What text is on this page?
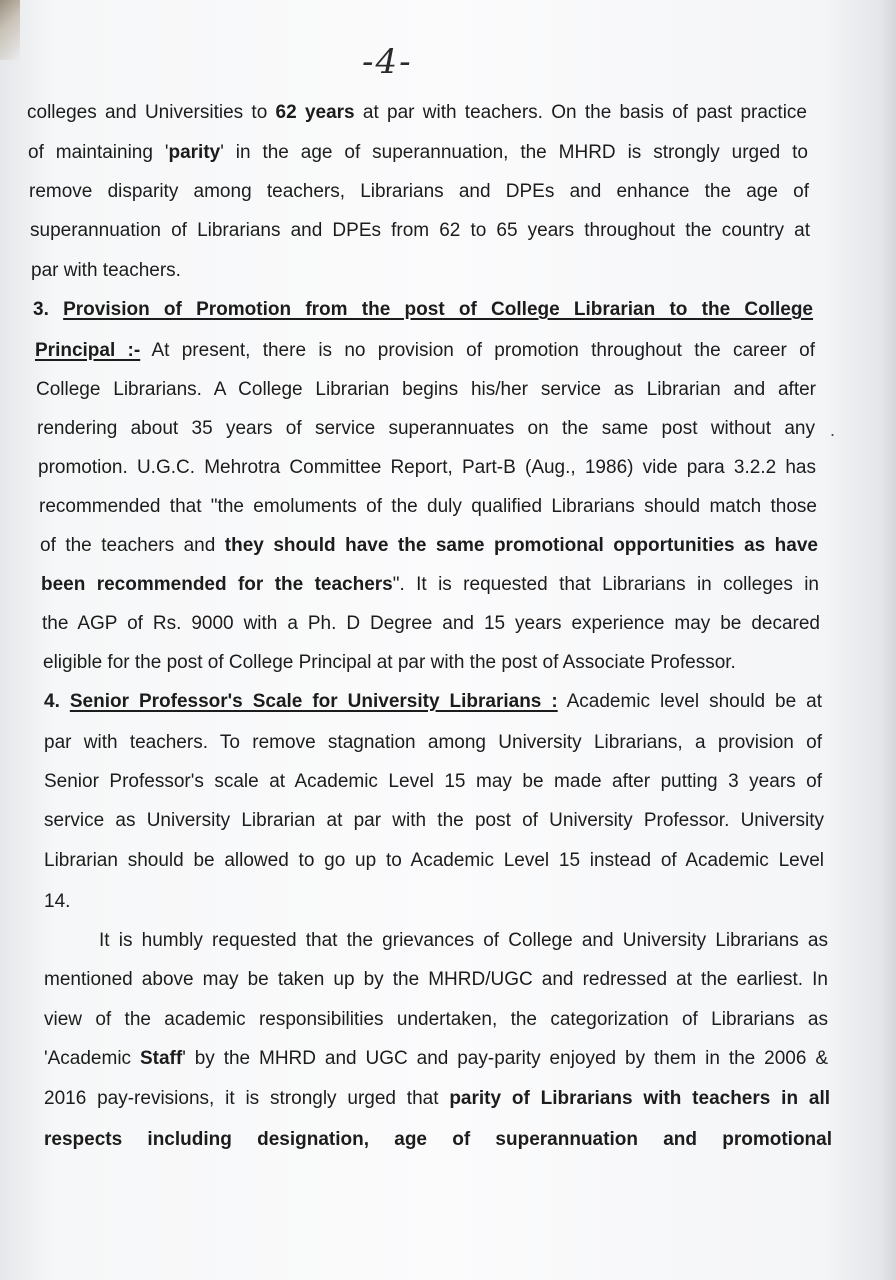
-4-

colleges and Universities to 62 years at par with teachers. On the basis of past practice

of maintaining 'parity' in the age of superannuation, the MHRD is strongly urged to

remove disparity among teachers, Librarians and DPEs and enhance the age of

superannuation of Librarians and DPEs from 62 to 65 years throughout the country at

par with teachers.

3. Provision of Promotion from the post of College Librarian to the College

Principal :- At present, there is no provision of promotion throughout the career of

College Librarians. A College Librarian begins his/her service as Librarian and after

rendering about 35 years of service superannuates on the same post without any .

promotion. U.G.C. Mehrotra Committee Report, Part-B (Aug., 1986) vide para 3.2.2 has

recommended that "the emoluments of the duly qualified Librarians should match those

of the teachers and they should have the same promotional opportunities as have

been recommended for the teachers". It is requested that Librarians in colleges in

the AGP of Rs. 9000 with a Ph. D Degree and 15 years experience may be decared

eligible for the post of College Principal at par with the post of Associate Professor.

4. Senior Professor's Scale for University Librarians : Academic level should be at

par with teachers. To remove stagnation among University Librarians, a provision of

Senior Professor's scale at Academic Level 15 may be made after putting 3 years of

service as University Librarian at par with the post of University Professor. University

Librarian should be allowed to go up to Academic Level 15 instead of Academic Level

14.

It is humbly requested that the grievances of College and University Librarians as

mentioned above may be taken up by the MHRD/UGC and redressed at the earliest. In

view of the academic responsibilities undertaken, the categorization of Librarians as

'Academic Staff' by the MHRD and UGC and pay-parity enjoyed by them in the 2006 &

2016 pay-revisions, it is strongly urged that parity of Librarians with teachers in all

respects including designation, age of superannuation and promotional
